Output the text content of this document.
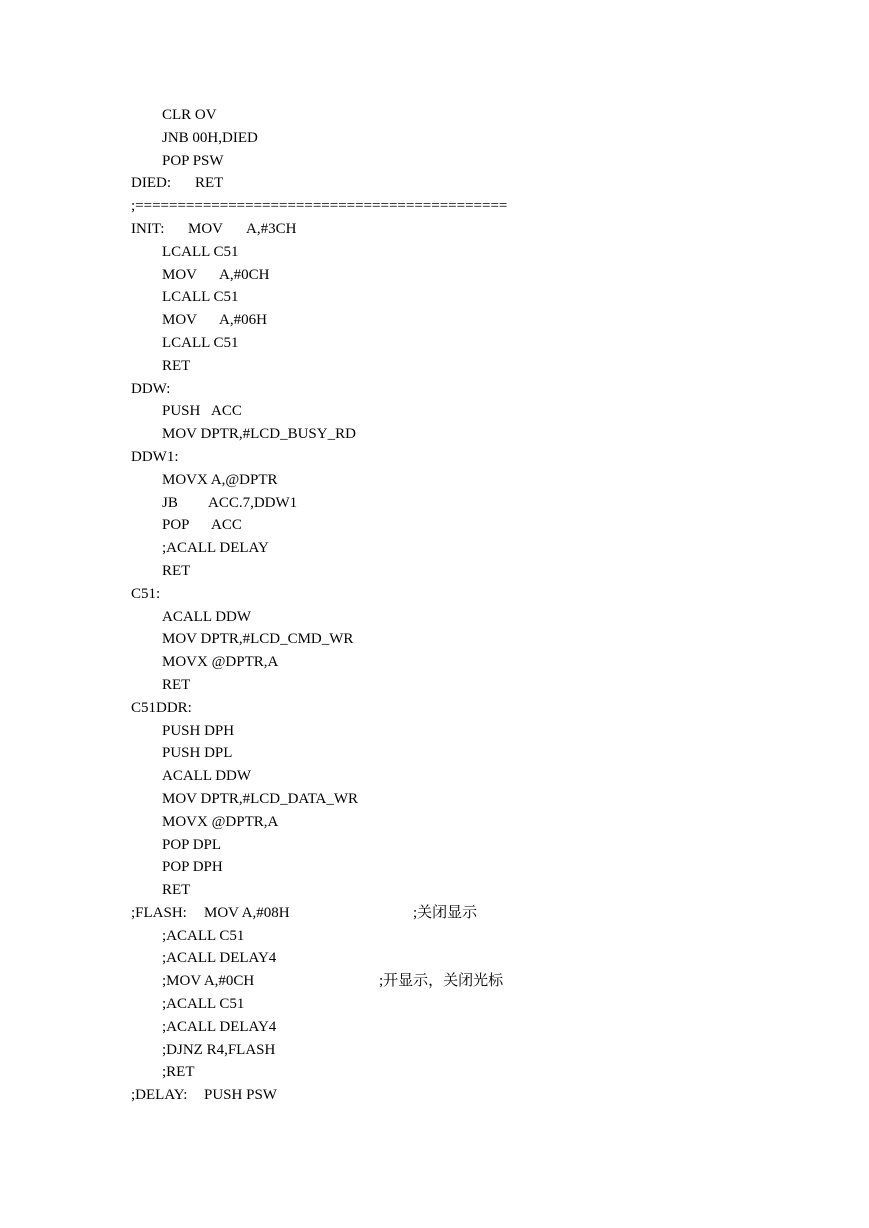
CLR OV
JNB 00H,DIED
POP PSW
DIED: RET
;============================================
INIT: MOV A,#3CH
LCALL C51
MOV A,#0CH
LCALL C51
MOV A,#06H
LCALL C51
RET
DDW:
PUSH ACC
MOV DPTR,#LCD_BUSY_RD
DDW1:
MOVX A,@DPTR
JB ACC.7,DDW1
POP ACC
;ACALL DELAY
RET
C51:
ACALL DDW
MOV DPTR,#LCD_CMD_WR
MOVX @DPTR,A
RET
C51DDR:
PUSH DPH
PUSH DPL
ACALL DDW
MOV DPTR,#LCD_DATA_WR
MOVX @DPTR,A
POP DPL
POP DPH
RET
;FLASH: MOV A,#08H	;关闭显示
;ACALL C51
;ACALL DELAY4
;MOV A,#0CH	;开显示，关闭光标
;ACALL C51
;ACALL DELAY4
;DJNZ R4,FLASH
;RET
;DELAY: PUSH PSW
